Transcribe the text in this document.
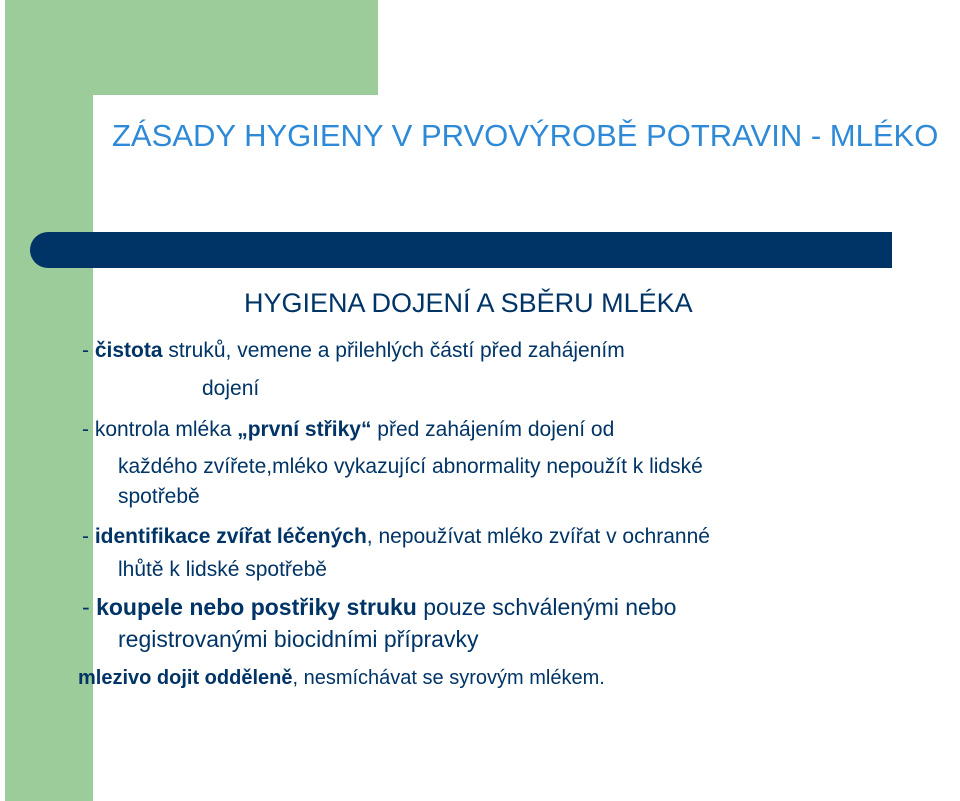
ZÁSADY HYGIENY V PRVOVÝROBĚ POTRAVIN - MLÉKO
HYGIENA DOJENÍ A SBĚRU MLÉKA

- čistota struků, vemene a přilehlých částí před zahájením

dojení

- kontrola mléka „první střiky“ před zahájením dojení od

každého zvířete,mléko vykazující abnormality nepoužít k lidské

spotřebě

- identifikace zvířat léčených, nepoužívat mléko zvířat v ochranné

lhůtě k lidské spotřebě

- koupele nebo postřiky struku pouze schválenými nebo

registrovanými biocidními přípravky

mlezivo dojit odděleně, nesmíchávat se syrovým mlékem.
